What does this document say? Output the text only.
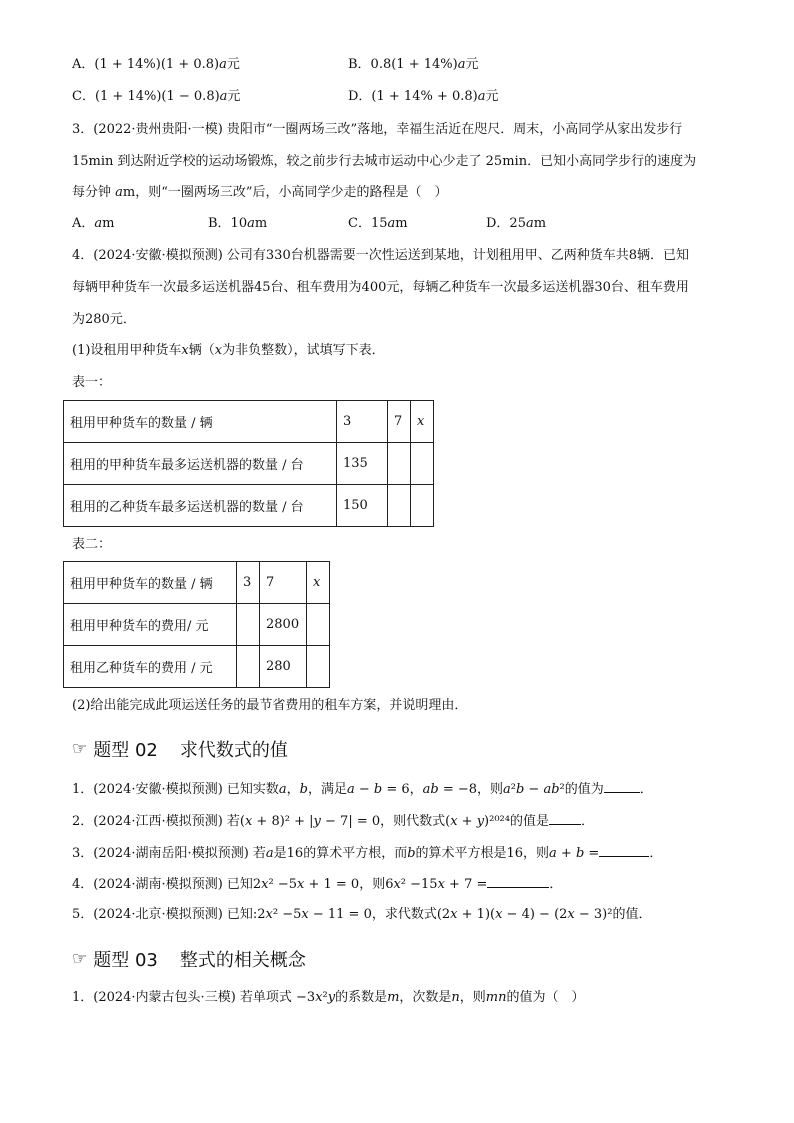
A．(1 + 14%)(1 + 0.8)𝑎元	B．0.8(1 + 14%)𝑎元
C．(1 + 14%)(1 − 0.8)𝑎元	D．(1 + 14% + 0.8)𝑎元
3．(2022·贵州贵阳·一模) 贵阳市“一圈两场三改”落地，幸福生活近在咫尺．周末，小高同学从家出发步行
15min 到达附近学校的运动场锻炼，较之前步行去城市运动中心少走了 25min．已知小高同学步行的速度为
每分钟 𝑎m，则“一圈两场三改”后，小高同学少走的路程是（　）
A．𝑎m	B．10𝑎m	C．15𝑎m	D．25𝑎m
4．(2024·安徽·模拟预测) 公司有330台机器需要一次性运送到某地，计划租用甲、乙两种货车共8辆．已知
每辆甲种货车一次最多运送机器45台、租车费用为400元，每辆乙种货车一次最多运送机器30台、租车费用
为280元．
(1)设租用甲种货车𝑥辆（𝑥为非负整数），试填写下表．
表一：
租用甲种货车的数量 / 辆	3	7	𝑥
租用的甲种货车最多运送机器的数量 / 台	135		
租用的乙种货车最多运送机器的数量 / 台	150		
表二：
租用甲种货车的数量 / 辆	3	7	𝑥
租用甲种货车的费用/ 元		2800	
租用乙种货车的费用 / 元		280	
(2)给出能完成此项运送任务的最节省费用的租车方案，并说明理由．
☞ 题型 02 求代数式的值
1．(2024·安徽·模拟预测) 已知实数𝑎，𝑏，满足𝑎 − 𝑏 = 6，𝑎𝑏 = −8，则𝑎²𝑏 − 𝑎𝑏²的值为	．
2．(2024·江西·模拟预测) 若(𝑥 + 8)² + |𝑦 − 7| = 0，则代数式(𝑥 + 𝑦)²⁰²⁴的值是 ．
3．(2024·湖南岳阳·模拟预测) 若𝑎是16的算术平方根，而𝑏的算术平方根是16，则𝑎 + 𝑏 =	．
4．(2024·湖南·模拟预测) 已知2𝑥² −5𝑥 + 1 = 0，则6𝑥² −15𝑥 + 7 =	．
5．(2024·北京·模拟预测) 已知:2𝑥² −5𝑥 − 11 = 0，求代数式(2𝑥 + 1)(𝑥 − 4) − (2𝑥 − 3)²的值．
☞ 题型 03 整式的相关概念
1．(2024·内蒙古包头·三模) 若单项式 −3𝑥²𝑦的系数是𝑚，次数是𝑛，则𝑚𝑛的值为（　）
